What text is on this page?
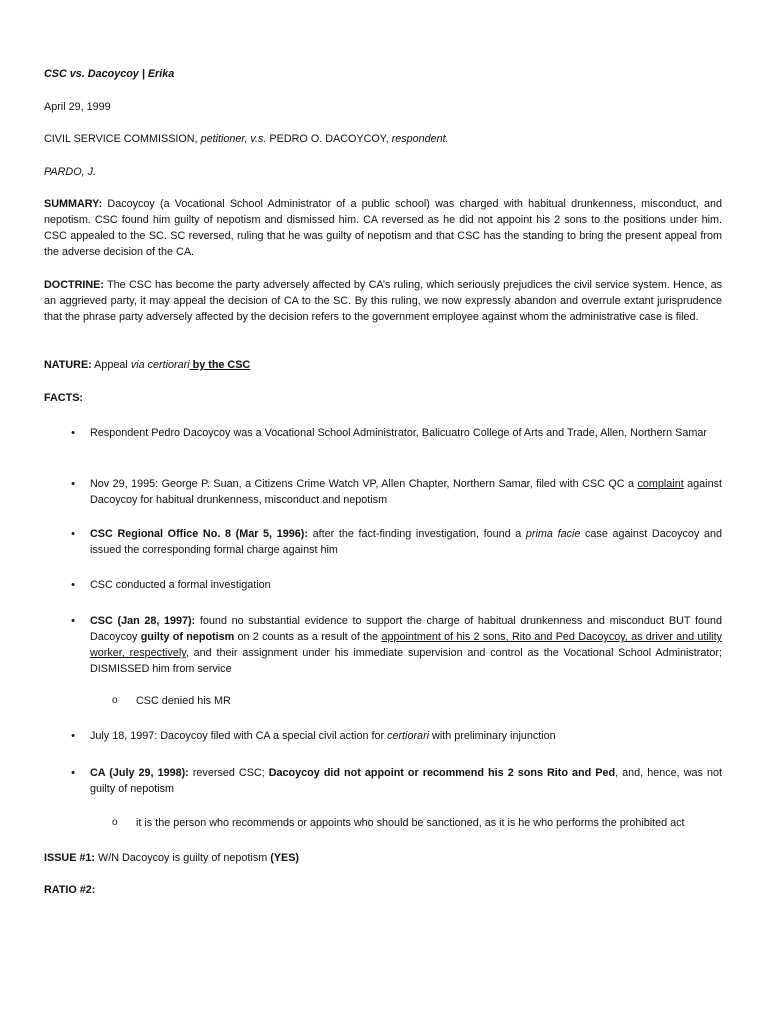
CSC vs. Dacoycoy | Erika
April 29, 1999
CIVIL SERVICE COMMISSION, petitioner, v.s. PEDRO O. DACOYCOY, respondent.
PARDO, J.
SUMMARY: Dacoycoy (a Vocational School Administrator of a public school) was charged with habitual drunkenness, misconduct, and nepotism. CSC found him guilty of nepotism and dismissed him. CA reversed as he did not appoint his 2 sons to the positions under him. CSC appealed to the SC. SC reversed, ruling that he was guilty of nepotism and that CSC has the standing to bring the present appeal from the adverse decision of the CA.
DOCTRINE: The CSC has become the party adversely affected by CA’s ruling, which seriously prejudices the civil service system. Hence, as an aggrieved party, it may appeal the decision of CA to the SC. By this ruling, we now expressly abandon and overrule extant jurisprudence that the phrase party adversely affected by the decision refers to the government employee against whom the administrative case is filed.
NATURE: Appeal via certiorari by the CSC
FACTS:
•	Respondent Pedro Dacoycoy was a Vocational School Administrator, Balicuatro College of Arts and Trade, Allen, Northern Samar
•	Nov 29, 1995: George P. Suan, a Citizens Crime Watch VP, Allen Chapter, Northern Samar, filed with CSC QC a complaint against Dacoycoy for habitual drunkenness, misconduct and nepotism
•	CSC Regional Office No. 8 (Mar 5, 1996): after the fact-finding investigation, found a prima facie case against Dacoycoy and issued the corresponding formal charge against him
•	CSC conducted a formal investigation
•	CSC (Jan 28, 1997): found no substantial evidence to support the charge of habitual drunkenness and misconduct BUT found Dacoycoy guilty of nepotism on 2 counts as a result of the appointment of his 2 sons, Rito and Ped Dacoycoy, as driver and utility worker, respectively, and their assignment under his immediate supervision and control as the Vocational School Administrator; DISMISSED him from service
o CSC denied his MR
•	July 18, 1997: Dacoycoy filed with CA a special civil action for certiorari with preliminary injunction
•	CA (July 29, 1998): reversed CSC; Dacoycoy did not appoint or recommend his 2 sons Rito and Ped, and, hence, was not guilty of nepotism
o it is the person who recommends or appoints who should be sanctioned, as it is he who performs the prohibited act
ISSUE #1: W/N Dacoycoy is guilty of nepotism (YES)
RATIO #2:
